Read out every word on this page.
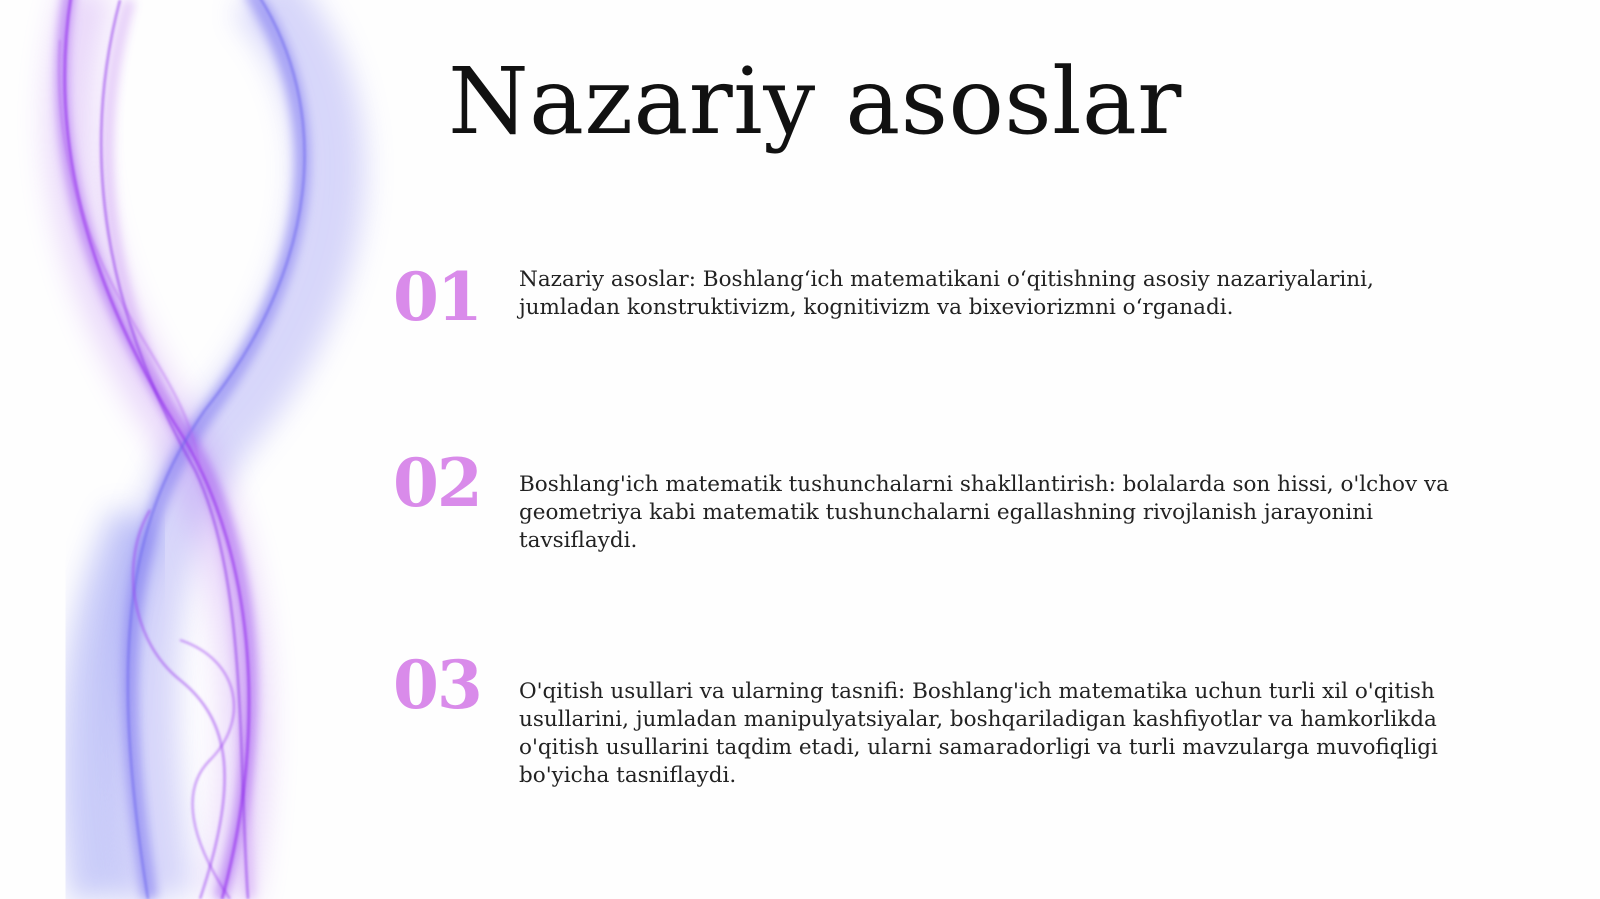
Nazariy asoslar
01	Nazariy asoslar: Boshlang‘ich matematikani o‘qitishning asosiy nazariyalarini, jumladan konstruktivizm, kognitivizm va bixeviorizmni o‘rganadi.
02	Boshlang'ich matematik tushunchalarni shakllantirish: bolalarda son hissi, o'lchov va geometriya kabi matematik tushunchalarni egallashning rivojlanish jarayonini tavsiflaydi.
03	O'qitish usullari va ularning tasnifi: Boshlang'ich matematika uchun turli xil o'qitish usullarini, jumladan manipulyatsiyalar, boshqariladigan kashfiyotlar va hamkorlikda o'qitish usullarini taqdim etadi, ularni samaradorligi va turli mavzularga muvofiqligi bo'yicha tasniflaydi.
